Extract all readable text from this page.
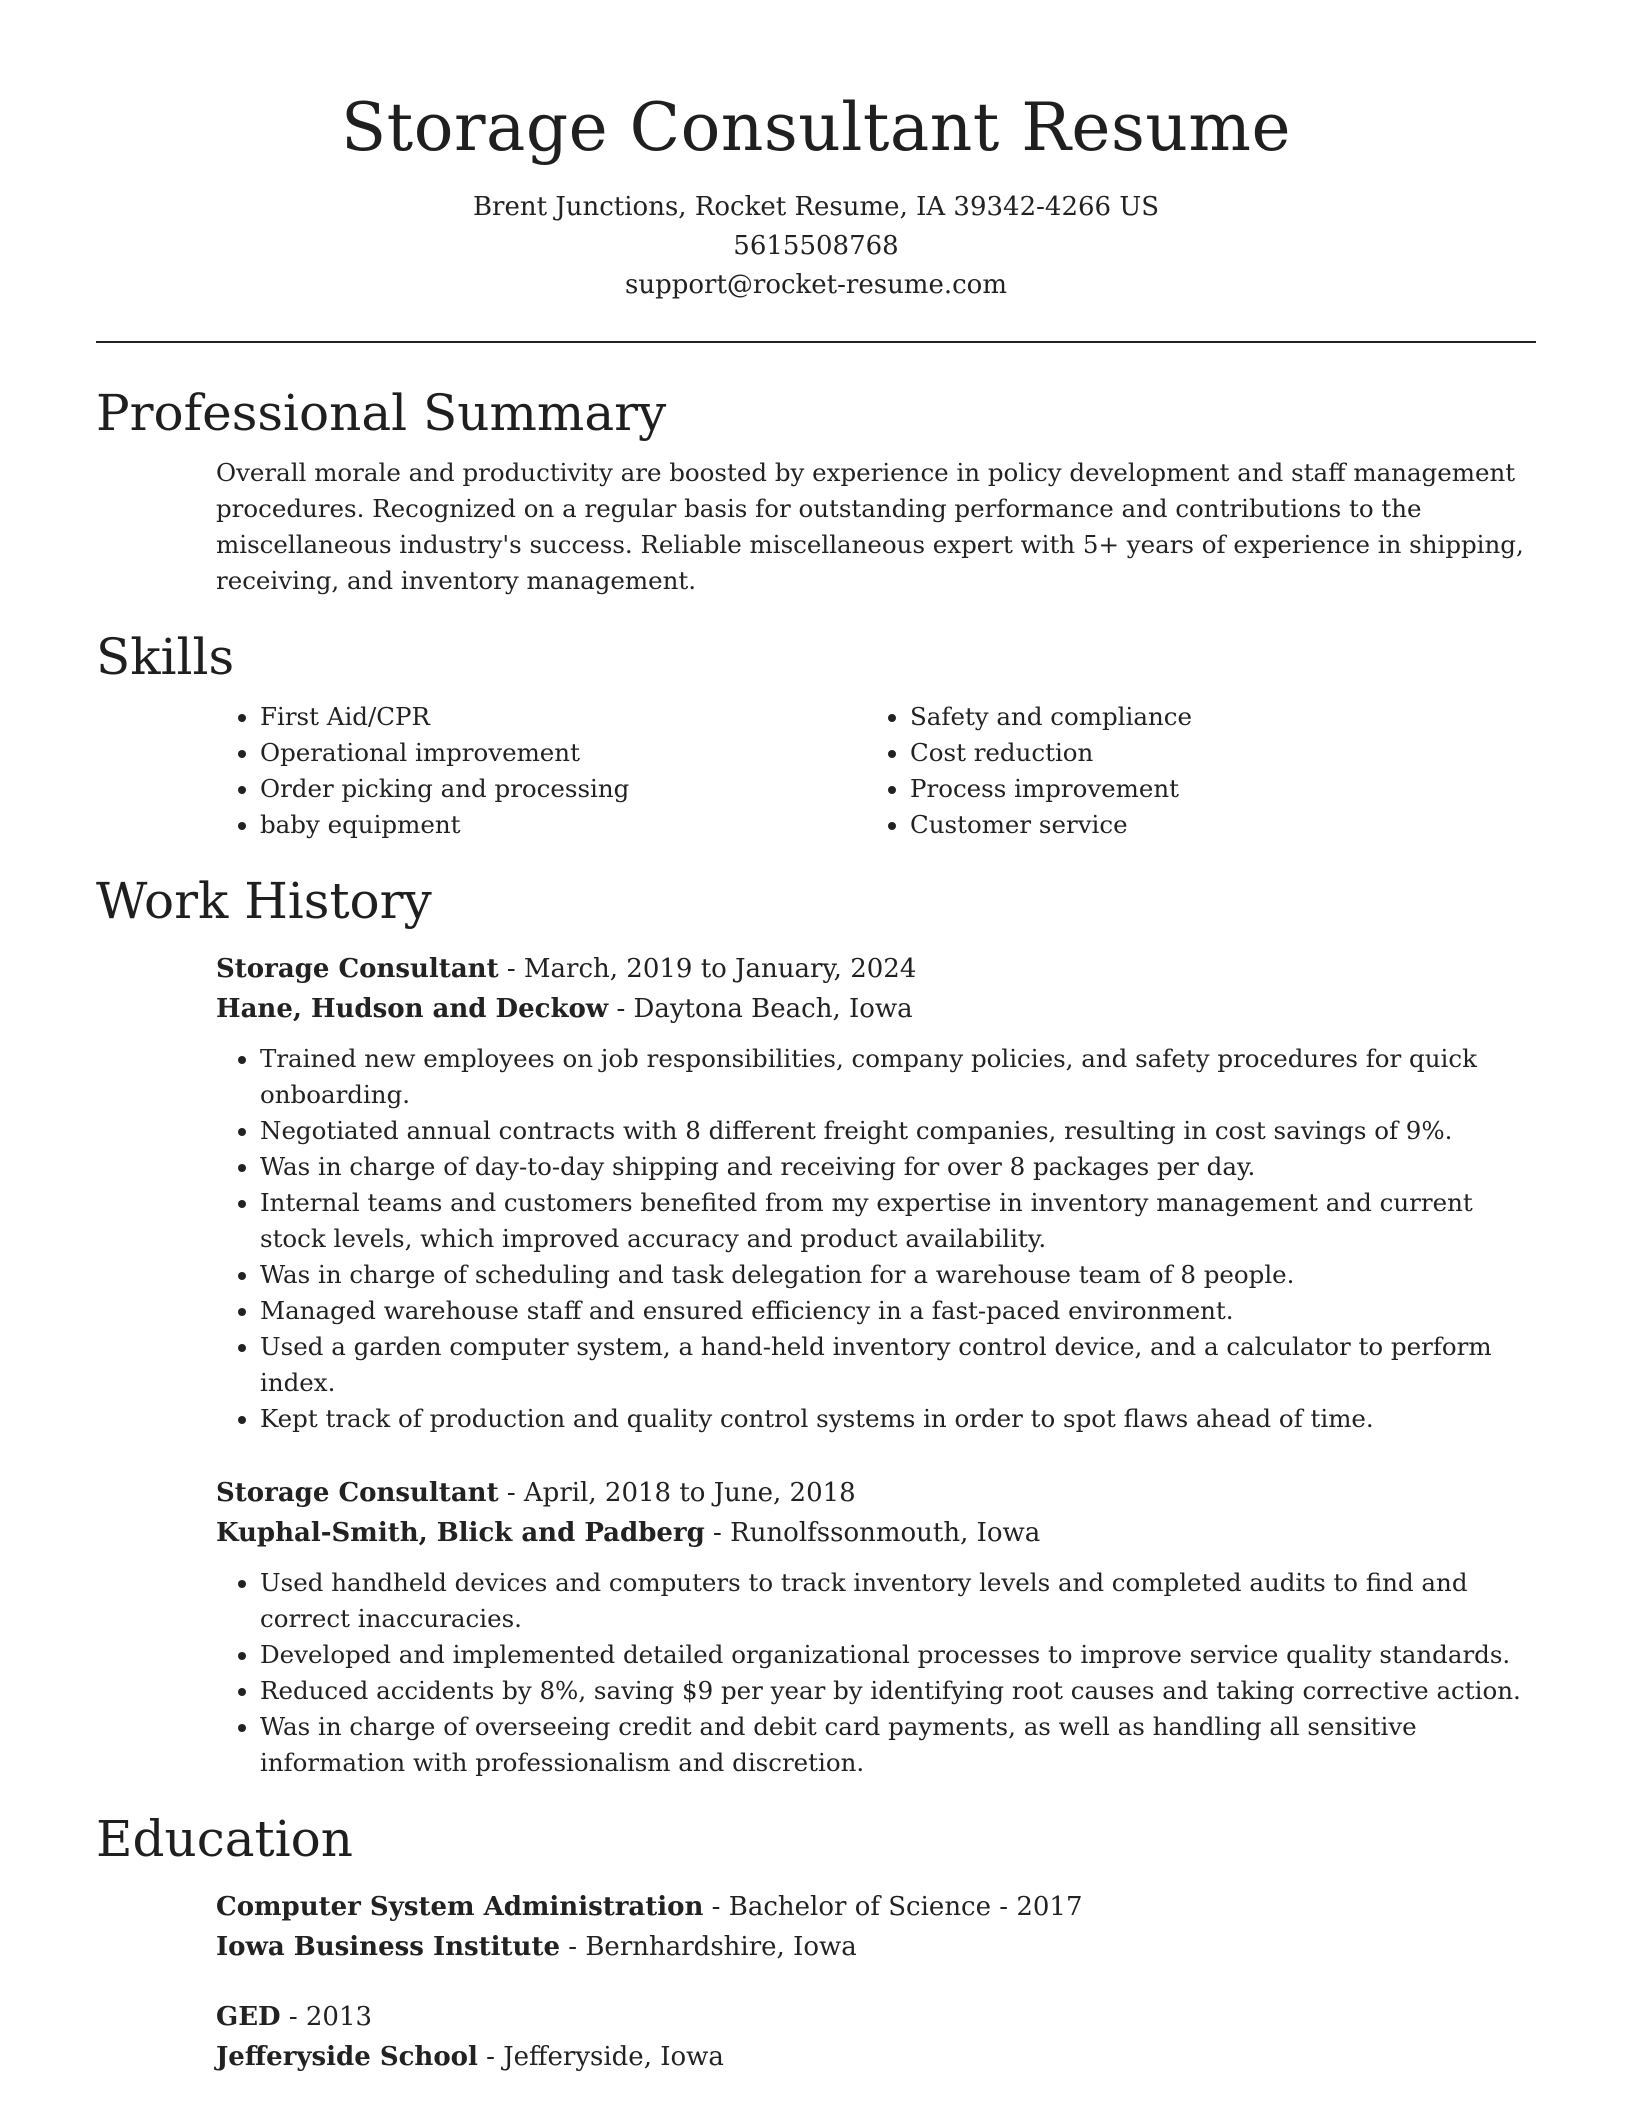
Storage Consultant Resume
Brent Junctions, Rocket Resume, IA 39342-4266 US
5615508768
support@rocket-resume.com
Professional Summary
Overall morale and productivity are boosted by experience in policy development and staff management procedures. Recognized on a regular basis for outstanding performance and contributions to the miscellaneous industry's success. Reliable miscellaneous expert with 5+ years of experience in shipping, receiving, and inventory management.
Skills
• First Aid/CPR
• Operational improvement
• Order picking and processing
• baby equipment
• Safety and compliance
• Cost reduction
• Process improvement
• Customer service
Work History
Storage Consultant - March, 2019 to January, 2024
Hane, Hudson and Deckow - Daytona Beach, Iowa
• Trained new employees on job responsibilities, company policies, and safety procedures for quick onboarding.
• Negotiated annual contracts with 8 different freight companies, resulting in cost savings of 9%.
• Was in charge of day-to-day shipping and receiving for over 8 packages per day.
• Internal teams and customers benefited from my expertise in inventory management and current stock levels, which improved accuracy and product availability.
• Was in charge of scheduling and task delegation for a warehouse team of 8 people.
• Managed warehouse staff and ensured efficiency in a fast-paced environment.
• Used a garden computer system, a hand-held inventory control device, and a calculator to perform index.
• Kept track of production and quality control systems in order to spot flaws ahead of time.
Storage Consultant - April, 2018 to June, 2018
Kuphal-Smith, Blick and Padberg - Runolfssonmouth, Iowa
• Used handheld devices and computers to track inventory levels and completed audits to find and correct inaccuracies.
• Developed and implemented detailed organizational processes to improve service quality standards.
• Reduced accidents by 8%, saving $9 per year by identifying root causes and taking corrective action.
• Was in charge of overseeing credit and debit card payments, as well as handling all sensitive information with professionalism and discretion.
Education
Computer System Administration - Bachelor of Science - 2017
Iowa Business Institute - Bernhardshire, Iowa
GED - 2013
Jefferyside School - Jefferyside, Iowa
